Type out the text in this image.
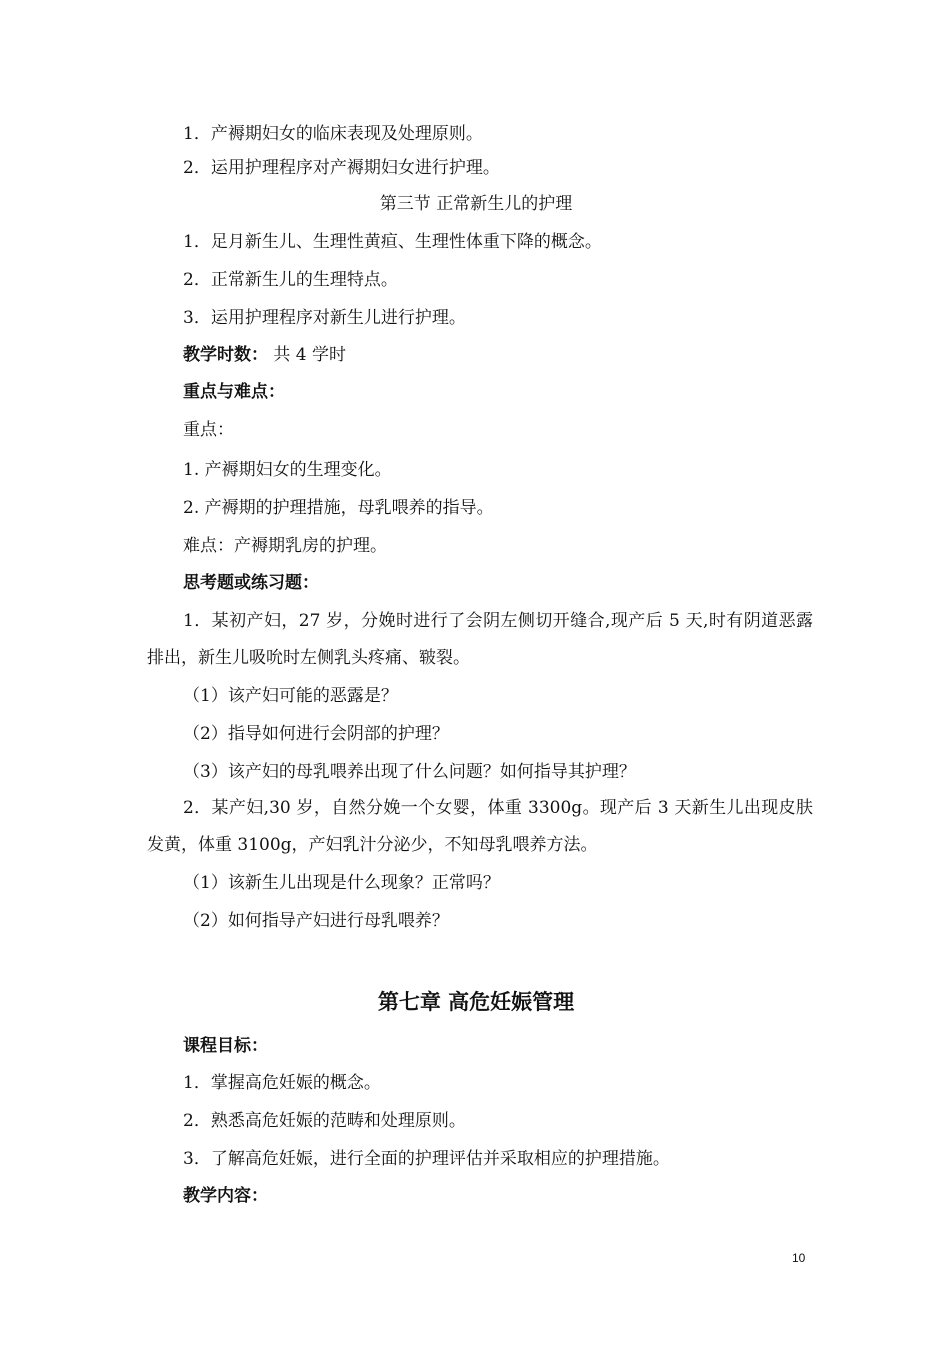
1．产褥期妇女的临床表现及处理原则。
2．运用护理程序对产褥期妇女进行护理。
第三节 正常新生儿的护理
1．足月新生儿、生理性黄疸、生理性体重下降的概念。
2．正常新生儿的生理特点。
3．运用护理程序对新生儿进行护理。
教学时数： 共 4 学时
重点与难点：
重点：
1. 产褥期妇女的生理变化。
2. 产褥期的护理措施，母乳喂养的指导。
难点：产褥期乳房的护理。
思考题或练习题：
1．某初产妇，27 岁，分娩时进行了会阴左侧切开缝合,现产后 5 天,时有阴道恶露排出，新生儿吸吮时左侧乳头疼痛、皲裂。
（1）该产妇可能的恶露是？
（2）指导如何进行会阴部的护理？
（3）该产妇的母乳喂养出现了什么问题？如何指导其护理？
2．某产妇,30 岁，自然分娩一个女婴，体重 3300g。现产后 3 天新生儿出现皮肤发黄，体重 3100g，产妇乳汁分泌少，不知母乳喂养方法。
（1）该新生儿出现是什么现象？正常吗？
（2）如何指导产妇进行母乳喂养？
第七章 高危妊娠管理
课程目标：
1．掌握高危妊娠的概念。
2．熟悉高危妊娠的范畴和处理原则。
3．了解高危妊娠，进行全面的护理评估并采取相应的护理措施。
教学内容：
10
